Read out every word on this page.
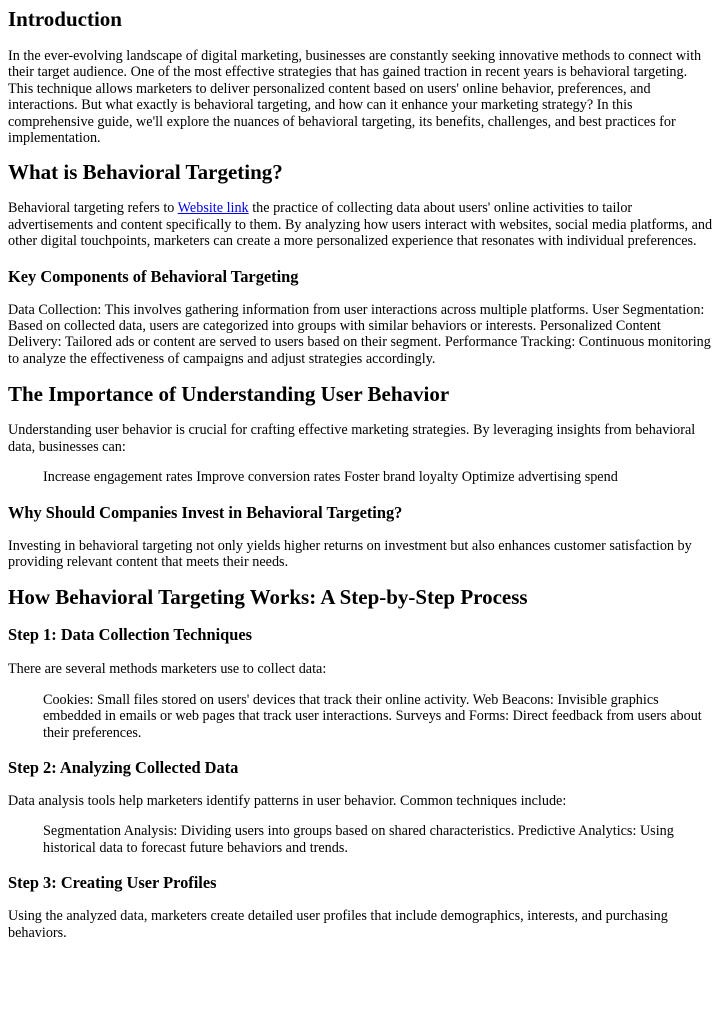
Introduction

In the ever-evolving landscape of digital marketing, businesses are constantly seeking innovative methods to connect with their target audience. One of the most effective strategies that has gained traction in recent years is behavioral targeting. This technique allows marketers to deliver personalized content based on users' online behavior, preferences, and interactions. But what exactly is behavioral targeting, and how can it enhance your marketing strategy? In this comprehensive guide, we'll explore the nuances of behavioral targeting, its benefits, challenges, and best practices for implementation.

What is Behavioral Targeting?

Behavioral targeting refers to Website link the practice of collecting data about users' online activities to tailor advertisements and content specifically to them. By analyzing how users interact with websites, social media platforms, and other digital touchpoints, marketers can create a more personalized experience that resonates with individual preferences.

Key Components of Behavioral Targeting

Data Collection: This involves gathering information from user interactions across multiple platforms. User Segmentation: Based on collected data, users are categorized into groups with similar behaviors or interests. Personalized Content Delivery: Tailored ads or content are served to users based on their segment. Performance Tracking: Continuous monitoring to analyze the effectiveness of campaigns and adjust strategies accordingly.

The Importance of Understanding User Behavior

Understanding user behavior is crucial for crafting effective marketing strategies. By leveraging insights from behavioral data, businesses can:

Increase engagement rates Improve conversion rates Foster brand loyalty Optimize advertising spend
Why Should Companies Invest in Behavioral Targeting?

Investing in behavioral targeting not only yields higher returns on investment but also enhances customer satisfaction by providing relevant content that meets their needs.

How Behavioral Targeting Works: A Step-by-Step Process
Step 1: Data Collection Techniques

There are several methods marketers use to collect data:

Cookies: Small files stored on users' devices that track their online activity. Web Beacons: Invisible graphics embedded in emails or web pages that track user interactions. Surveys and Forms: Direct feedback from users about their preferences.
Step 2: Analyzing Collected Data

Data analysis tools help marketers identify patterns in user behavior. Common techniques include:

Segmentation Analysis: Dividing users into groups based on shared characteristics. Predictive Analytics: Using historical data to forecast future behaviors and trends.
Step 3: Creating User Profiles

Using the analyzed data, marketers create detailed user profiles that include demographics, interests, and purchasing behaviors.
